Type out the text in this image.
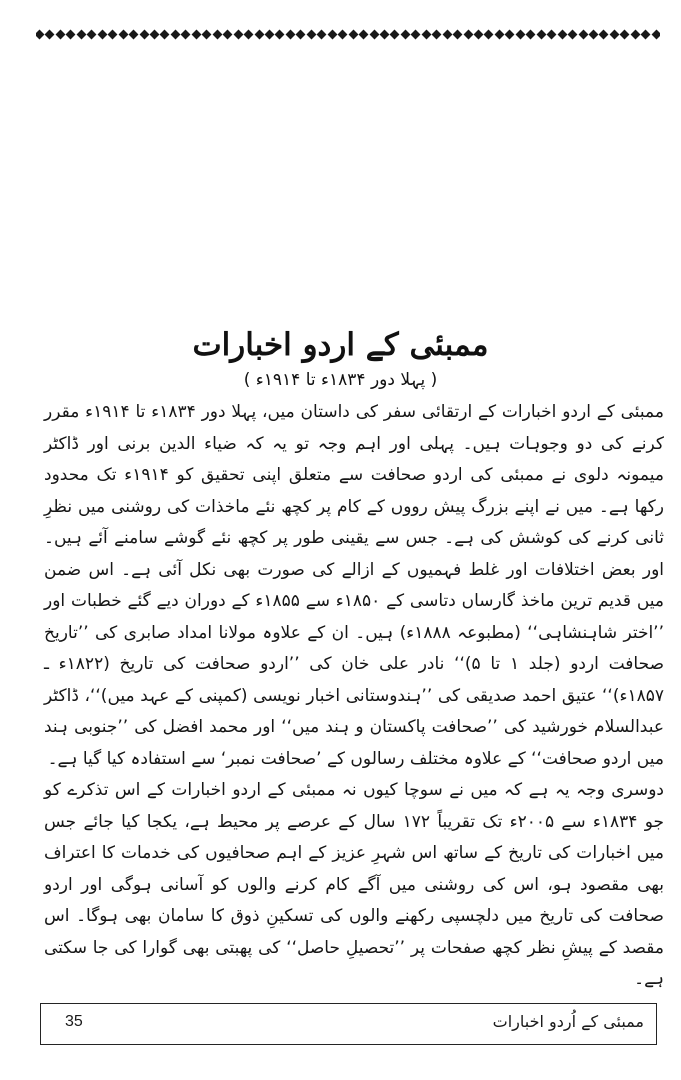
ممبئی کے اردو اخبارات
( پہلا دور ۱۸۳۴ء تا ۱۹۱۴ء )

ممبئی کے اردو اخبارات کے ارتقائی سفر کی داستان میں، پہلا دور ۱۸۳۴ء تا ۱۹۱۴ء مقرر کرنے کی دو وجوہات ہیں۔ پہلی اور اہم وجہ تو یہ کہ ضیاء الدین برنی اور ڈاکٹر میمونہ دلوی نے ممبئی کی اردو صحافت سے متعلق اپنی تحقیق کو ۱۹۱۴ء تک محدود رکھا ہے۔ میں نے اپنے بزرگ پیش رووں کے کام پر کچھ نئے ماخذات کی روشنی میں نظرِ ثانی کرنے کی کوشش کی ہے۔ جس سے یقینی طور پر کچھ نئے گوشے سامنے آئے ہیں۔ اور بعض اختلافات اور غلط فہمیوں کے ازالے کی صورت بھی نکل آئی ہے۔ اس ضمن میں قدیم ترین ماخذ گارساں دتاسی کے ۱۸۵۰ء سے ۱۸۵۵ء کے دوران دیے گئے خطبات اور ’’اختر شاہنشاہی‘‘ (مطبوعہ ۱۸۸۸ء) ہیں۔ ان کے علاوہ مولانا امداد صابری کی ’’تاریخ صحافت اردو (جلد ۱ تا ۵)‘‘ نادر علی خان کی ’’اردو صحافت کی تاریخ (۱۸۲۲ء ـ ۱۸۵۷ء)‘‘ عتیق احمد صدیقی کی ’’ہندوستانی اخبار نویسی (کمپنی کے عہد میں)‘‘، ڈاکٹر عبدالسلام خورشید کی ’’صحافت پاکستان و ہند میں‘‘ اور محمد افضل کی ’’جنوبی ہند میں اردو صحافت‘‘ کے علاوہ مختلف رسالوں کے ’صحافت نمبر‘ سے استفادہ کیا گیا ہے۔

دوسری وجہ یہ ہے کہ میں نے سوچا کیوں نہ ممبئی کے اردو اخبارات کے اس تذکرے کو جو ۱۸۳۴ء سے ۲۰۰۵ء تک تقریباً ۱۷۲ سال کے عرصے پر محیط ہے، یکجا کیا جائے جس میں اخبارات کی تاریخ کے ساتھ اس شہرِ عزیز کے اہم صحافیوں کی خدمات کا اعتراف بھی مقصود ہو، اس کی روشنی میں آگے کام کرنے والوں کو آسانی ہوگی اور اردو صحافت کی تاریخ میں دلچسپی رکھنے والوں کی تسکینِ ذوق کا سامان بھی ہوگا۔ اس مقصد کے پیشِ نظر کچھ صفحات پر ’’تحصیلِ حاصل‘‘ کی پھبتی بھی گوارا کی جا سکتی ہے۔

ممبئی کے اُردو اخبارات
35
